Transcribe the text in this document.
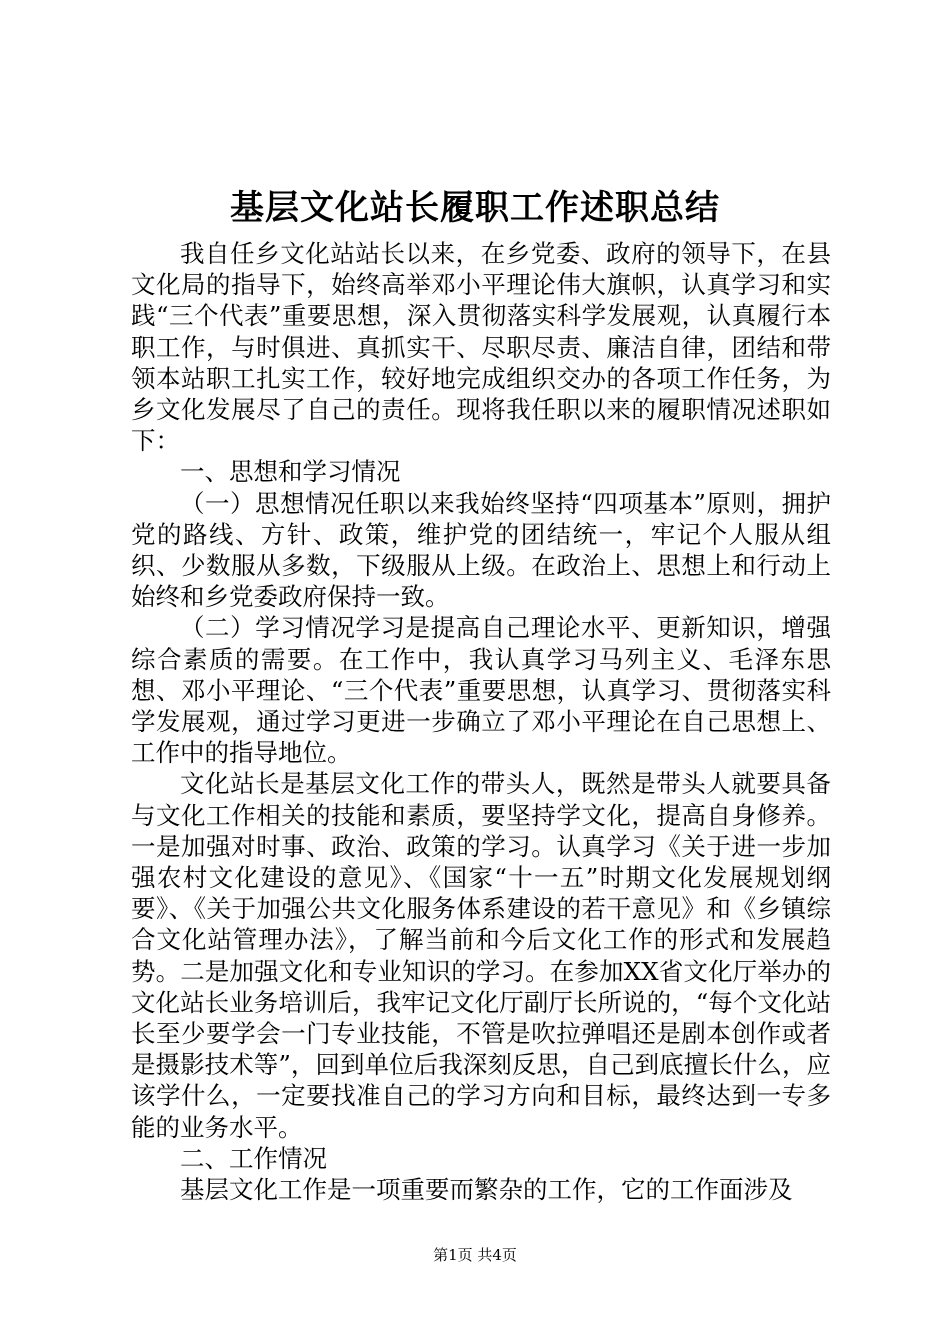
基层文化站长履职工作述职总结

我自任乡文化站站长以来，在乡党委、政府的领导下，在县文化局的指导下，始终高举邓小平理论伟大旗帜，认真学习和实践“三个代表”重要思想，深入贯彻落实科学发展观，认真履行本职工作，与时俱进、真抓实干、尽职尽责、廉洁自律，团结和带领本站职工扎实工作，较好地完成组织交办的各项工作任务，为乡文化发展尽了自己的责任。现将我任职以来的履职情况述职如下：

一、思想和学习情况

（一）思想情况任职以来我始终坚持“四项基本”原则，拥护党的路线、方针、政策，维护党的团结统一，牢记个人服从组织、少数服从多数，下级服从上级。在政治上、思想上和行动上始终和乡党委政府保持一致。

（二）学习情况学习是提高自己理论水平、更新知识，增强综合素质的需要。在工作中，我认真学习马列主义、毛泽东思想、邓小平理论、“三个代表”重要思想，认真学习、贯彻落实科学发展观，通过学习更进一步确立了邓小平理论在自己思想上、工作中的指导地位。

文化站长是基层文化工作的带头人，既然是带头人就要具备与文化工作相关的技能和素质，要坚持学文化，提高自身修养。一是加强对时事、政治、政策的学习。认真学习《关于进一步加强农村文化建设的意见》、《国家“十一五”时期文化发展规划纲要》、《关于加强公共文化服务体系建设的若干意见》和《乡镇综合文化站管理办法》，了解当前和今后文化工作的形式和发展趋势。二是加强文化和专业知识的学习。在参加XX省文化厅举办的文化站长业务培训后，我牢记文化厅副厅长所说的，“每个文化站长至少要学会一门专业技能，不管是吹拉弹唱还是剧本创作或者是摄影技术等”，回到单位后我深刻反思，自己到底擅长什么，应该学什么，一定要找准自己的学习方向和目标，最终达到一专多能的业务水平。

二、工作情况

基层文化工作是一项重要而繁杂的工作，它的工作面涉及

第1页 共4页
